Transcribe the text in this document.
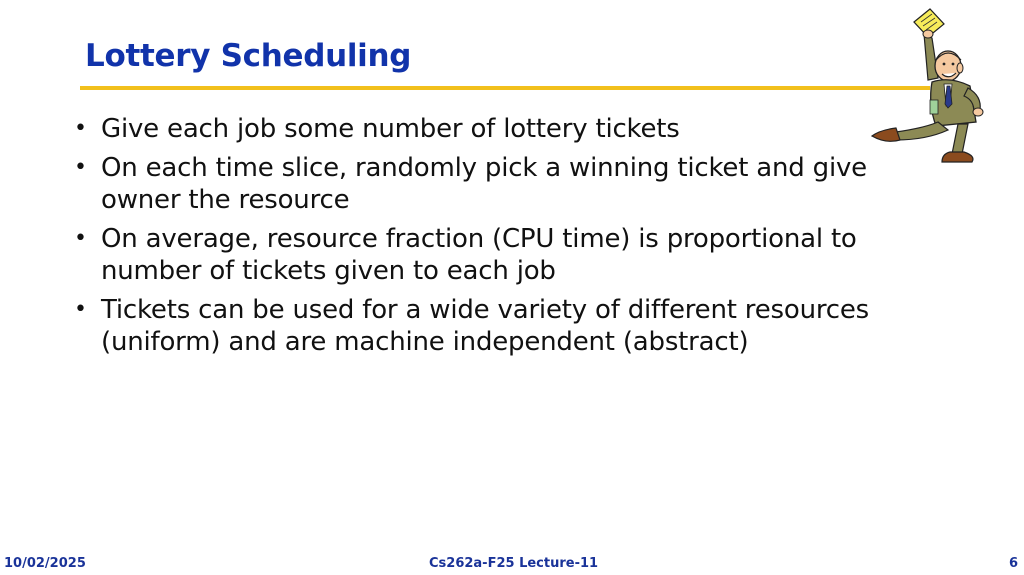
Lottery Scheduling
• Give each job some number of lottery tickets
• On each time slice, randomly pick a winning ticket and give owner the resource
• On average, resource fraction (CPU time) is proportional to number of tickets given to each job
• Tickets can be used for a wide variety of different resources (uniform) and are machine independent (abstract)
10/02/2025	Cs262a-F25 Lecture-11	6
